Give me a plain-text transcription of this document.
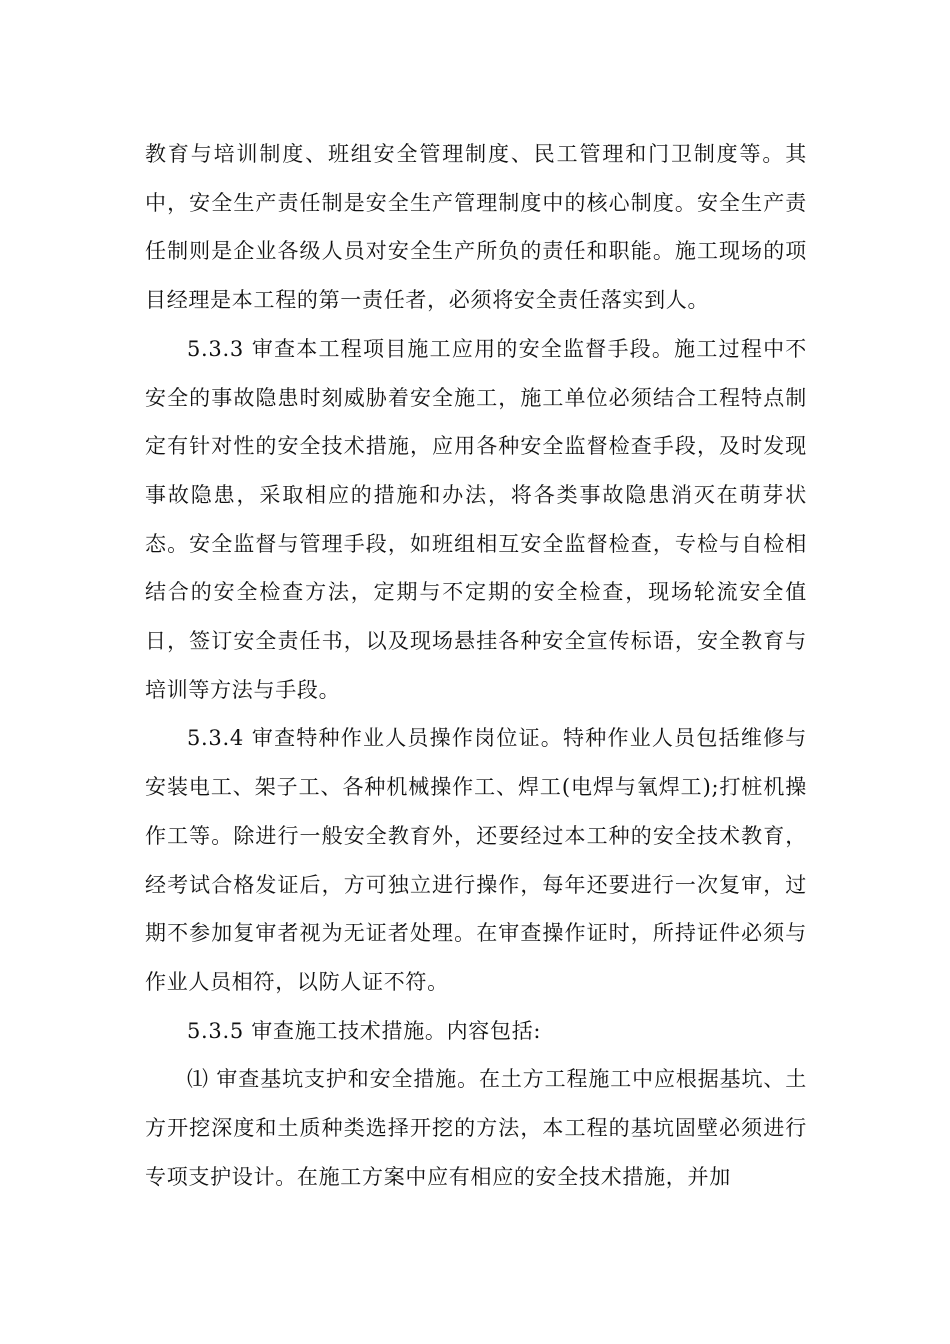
教育与培训制度、班组安全管理制度、民工管理和门卫制度等。其中，安全生产责任制是安全生产管理制度中的核心制度。安全生产责任制则是企业各级人员对安全生产所负的责任和职能。施工现场的项目经理是本工程的第一责任者，必须将安全责任落实到人。

5.3.3 审查本工程项目施工应用的安全监督手段。施工过程中不安全的事故隐患时刻威胁着安全施工，施工单位必须结合工程特点制定有针对性的安全技术措施，应用各种安全监督检查手段，及时发现事故隐患，采取相应的措施和办法，将各类事故隐患消灭在萌芽状态。安全监督与管理手段，如班组相互安全监督检查，专检与自检相结合的安全检查方法，定期与不定期的安全检查，现场轮流安全值日，签订安全责任书，以及现场悬挂各种安全宣传标语，安全教育与培训等方法与手段。

5.3.4 审查特种作业人员操作岗位证。特种作业人员包括维修与安装电工、架子工、各种机械操作工、焊工(电焊与氧焊工);打桩机操作工等。除进行一般安全教育外，还要经过本工种的安全技术教育，经考试合格发证后，方可独立进行操作，每年还要进行一次复审，过期不参加复审者视为无证者处理。在审查操作证时，所持证件必须与作业人员相符，以防人证不符。

5.3.5 审查施工技术措施。内容包括:

⑴ 审查基坑支护和安全措施。在土方工程施工中应根据基坑、土方开挖深度和土质种类选择开挖的方法，本工程的基坑固壁必须进行专项支护设计。在施工方案中应有相应的安全技术措施，并加
